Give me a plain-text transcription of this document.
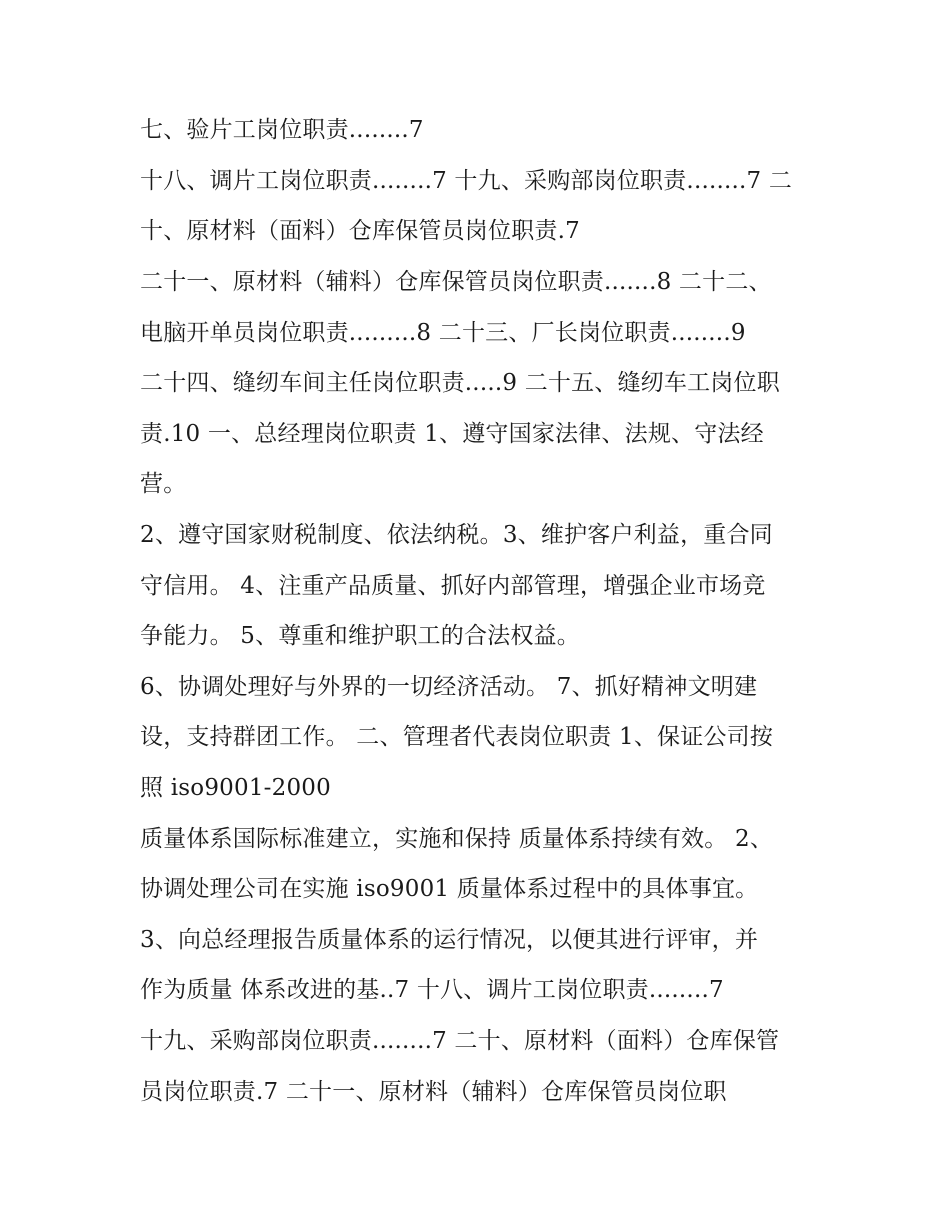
七、验片工岗位职责........7
十八、调片工岗位职责........7 十九、采购部岗位职责........7 二
十、原材料（面料）仓库保管员岗位职责.7
二十一、原材料（辅料）仓库保管员岗位职责.......8 二十二、
电脑开单员岗位职责.........8 二十三、厂长岗位职责........9
二十四、缝纫车间主任岗位职责.....9 二十五、缝纫车工岗位职
责.10 一、总经理岗位职责 1、遵守国家法律、法规、守法经
营。
2、遵守国家财税制度、依法纳税。3、维护客户利益，重合同
守信用。 4、注重产品质量、抓好内部管理，增强企业市场竞
争能力。 5、尊重和维护职工的合法权益。
6、协调处理好与外界的一切经济活动。 7、抓好精神文明建
设，支持群团工作。 二、管理者代表岗位职责 1、保证公司按
照 iso9001-2000
质量体系国际标准建立，实施和保持 质量体系持续有效。 2、
协调处理公司在实施 iso9001 质量体系过程中的具体事宜。
3、向总经理报告质量体系的运行情况，以便其进行评审，并
作为质量 体系改进的基..7 十八、调片工岗位职责........7
十九、采购部岗位职责........7 二十、原材料（面料）仓库保管
员岗位职责.7 二十一、原材料（辅料）仓库保管员岗位职
